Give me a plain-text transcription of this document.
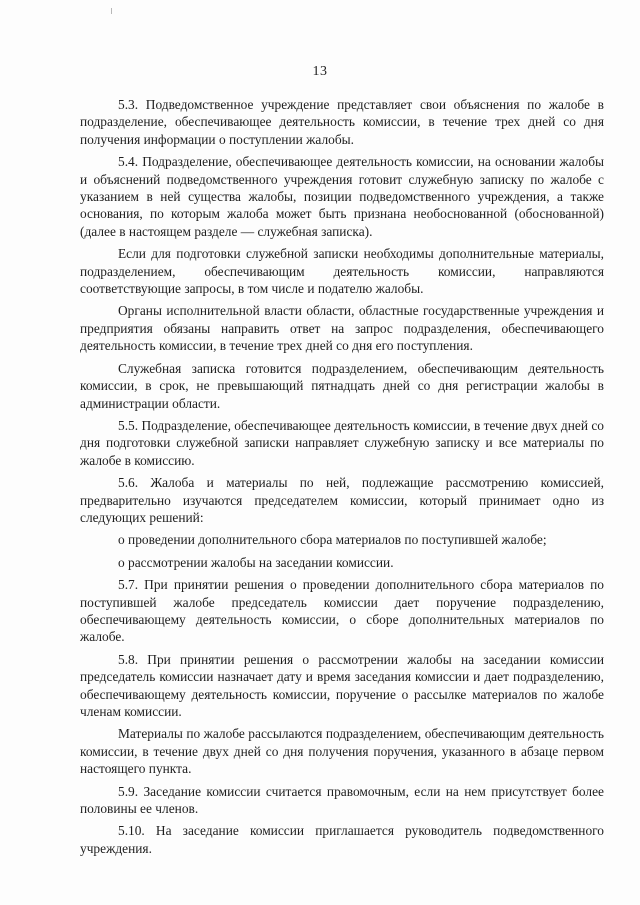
13

5.3. Подведомственное учреждение представляет свои объяснения по жалобе в подразделение, обеспечивающее деятельность комиссии, в течение трех дней со дня получения информации о поступлении жалобы.

5.4. Подразделение, обеспечивающее деятельность комиссии, на основании жалобы и объяснений подведомственного учреждения готовит служебную записку по жалобе с указанием в ней существа жалобы, позиции подведомственного учреждения, а также основания, по которым жалоба может быть признана необоснованной (обоснованной) (далее в настоящем разделе — служебная записка).

Если для подготовки служебной записки необходимы дополнительные материалы, подразделением, обеспечивающим деятельность комиссии, направляются соответствующие запросы, в том числе и подателю жалобы.

Органы исполнительной власти области, областные государственные учреждения и предприятия обязаны направить ответ на запрос подразделения, обеспечивающего деятельность комиссии, в течение трех дней со дня его поступления.

Служебная записка готовится подразделением, обеспечивающим деятельность комиссии, в срок, не превышающий пятнадцать дней со дня регистрации жалобы в администрации области.

5.5. Подразделение, обеспечивающее деятельность комиссии, в течение двух дней со дня подготовки служебной записки направляет служебную записку и все материалы по жалобе в комиссию.

5.6. Жалоба и материалы по ней, подлежащие рассмотрению комиссией, предварительно изучаются председателем комиссии, который принимает одно из следующих решений:

о проведении дополнительного сбора материалов по поступившей жалобе;

о рассмотрении жалобы на заседании комиссии.

5.7. При принятии решения о проведении дополнительного сбора материалов по поступившей жалобе председатель комиссии дает поручение подразделению, обеспечивающему деятельность комиссии, о сборе дополнительных материалов по жалобе.

5.8. При принятии решения о рассмотрении жалобы на заседании комиссии председатель комиссии назначает дату и время заседания комиссии и дает подразделению, обеспечивающему деятельность комиссии, поручение о рассылке материалов по жалобе членам комиссии.

Материалы по жалобе рассылаются подразделением, обеспечивающим деятельность комиссии, в течение двух дней со дня получения поручения, указанного в абзаце первом настоящего пункта.

5.9. Заседание комиссии считается правомочным, если на нем присутствует более половины ее членов.

5.10. На заседание комиссии приглашается руководитель подведомственного учреждения.
